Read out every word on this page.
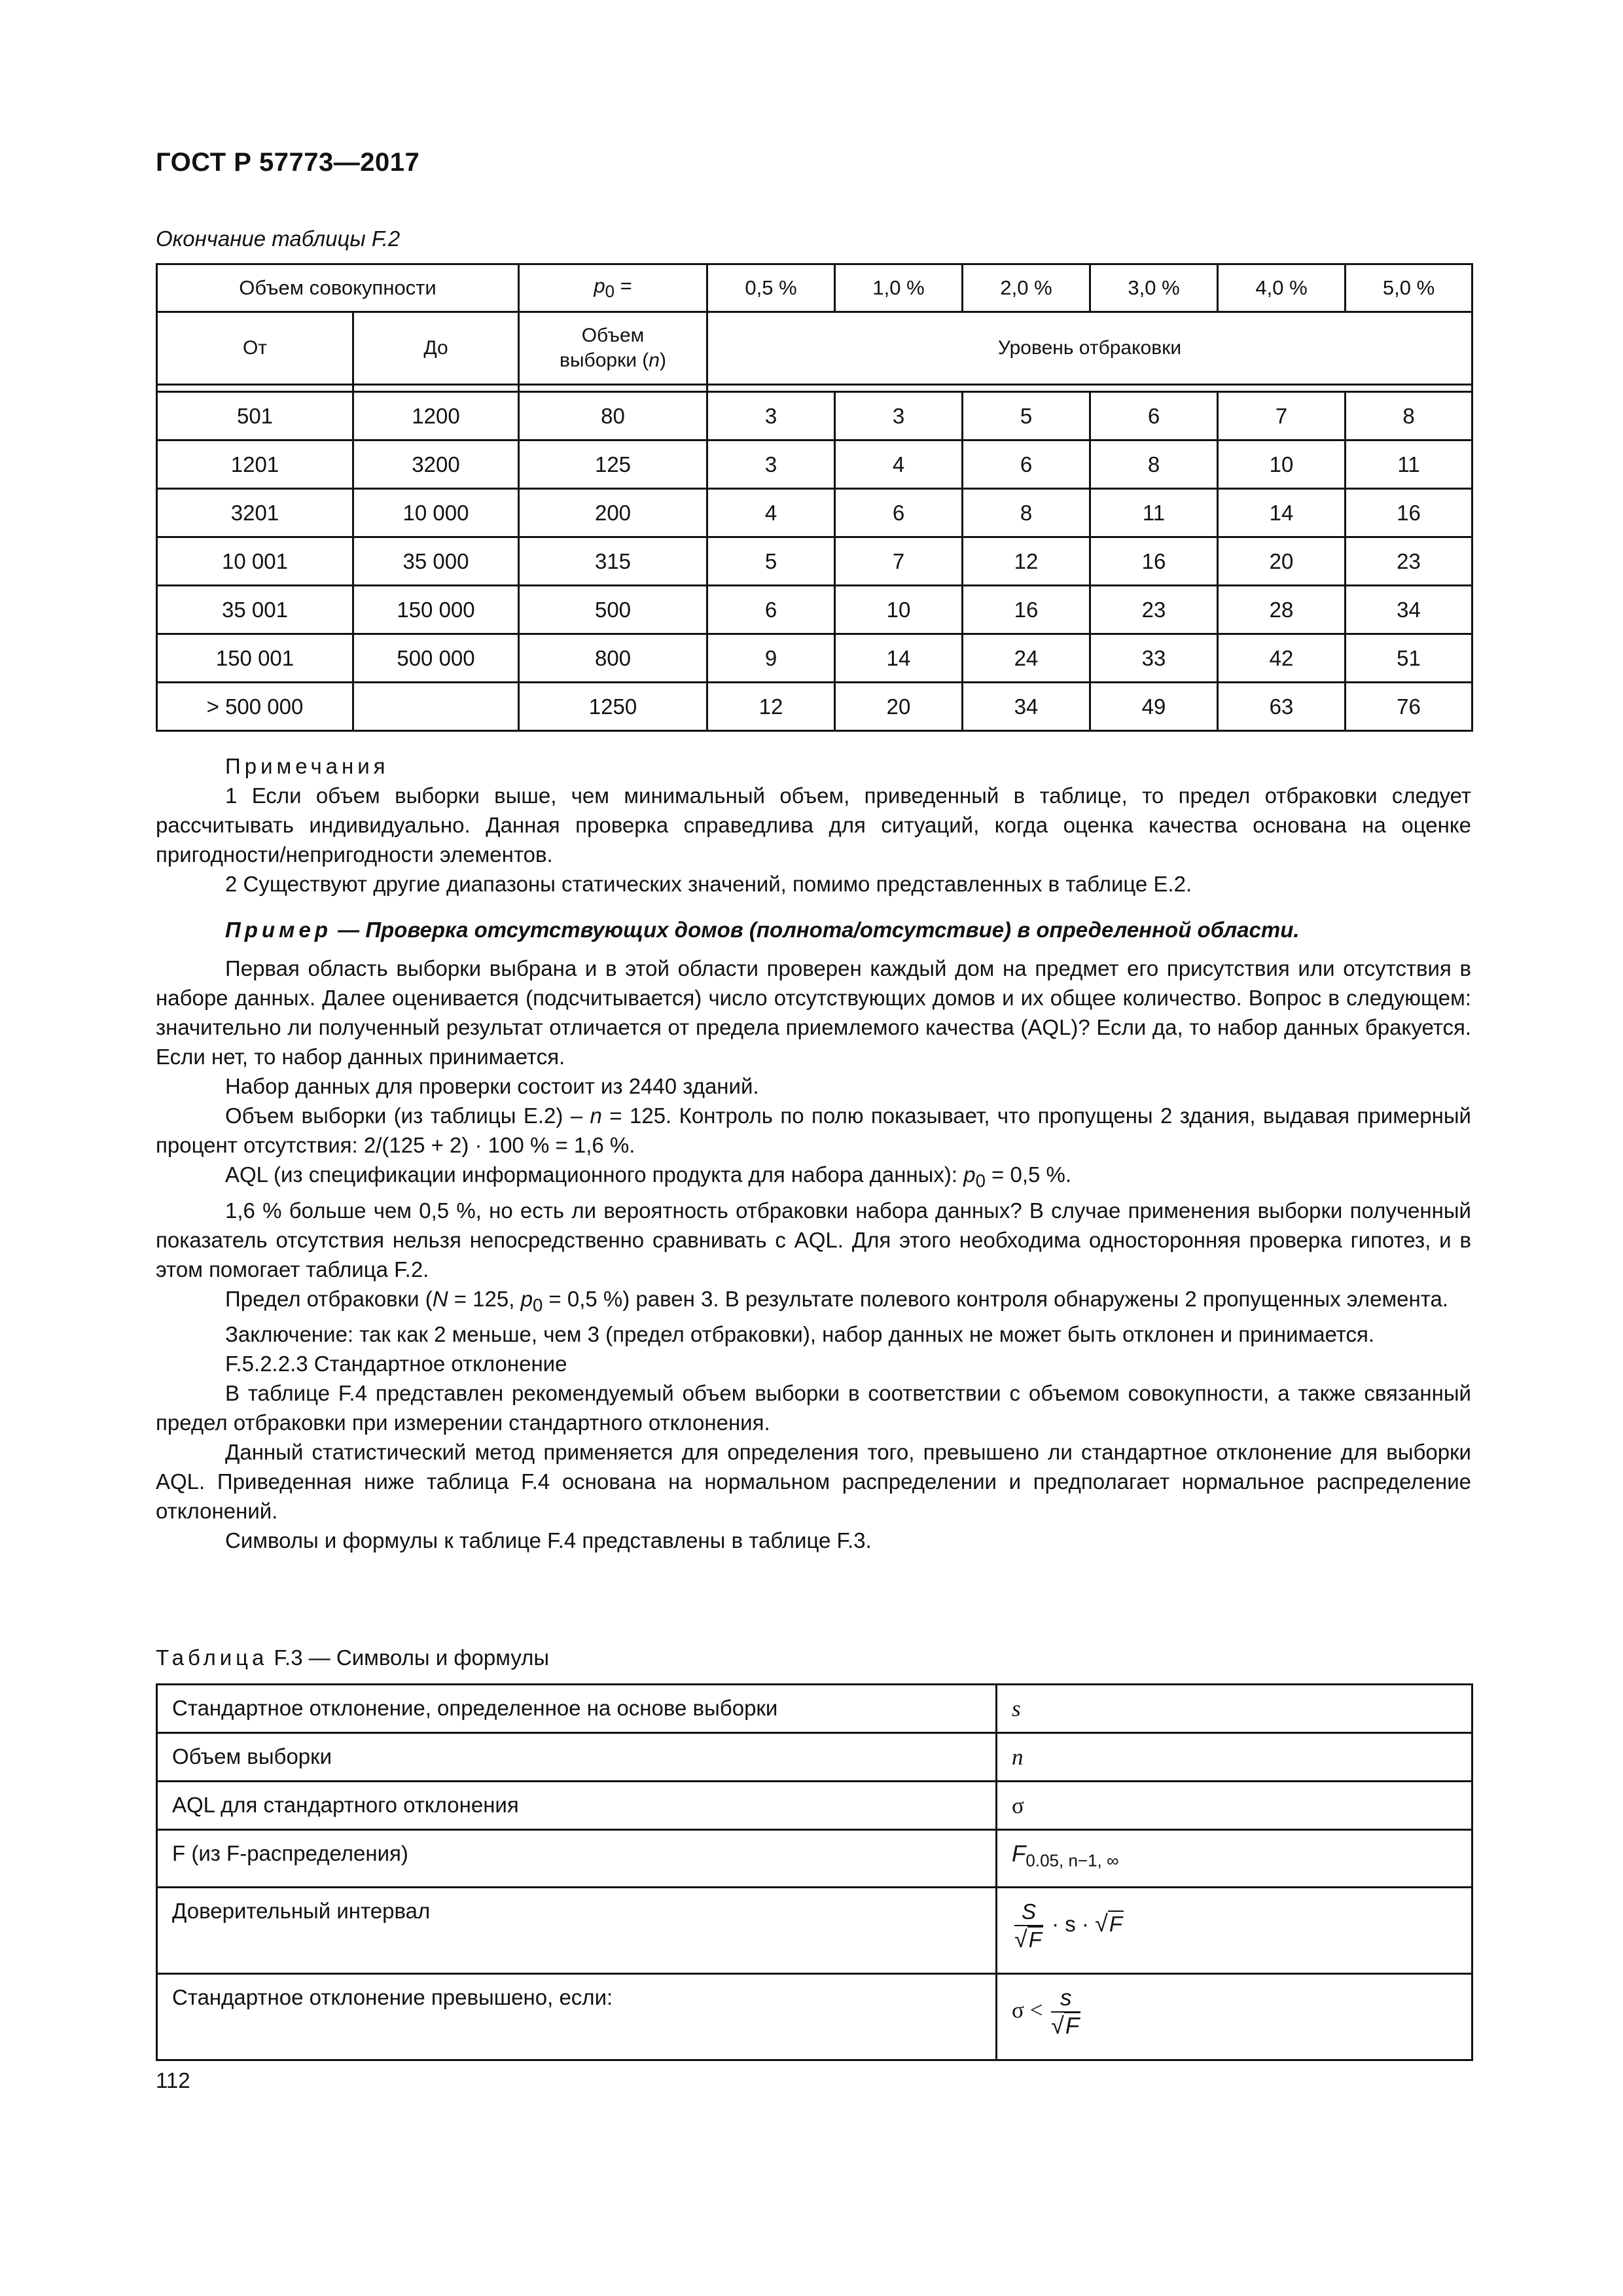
ГОСТ Р 57773—2017
Окончание таблицы F.2
Объем совокупности		$p_0$ =	0,5 %	1,0 %	2,0 %	3,0 %	4,0 %	5,0 %
От	До	Объем
выборки (n)	Уровень отбраковки					

501	1200	80	3	3	5	6	7	8
1201	3200	125	3	4	6	8	10	11
3201	10 000	200	4	6	8	11	14	16
10 001	35 000	315	5	7	12	16	20	23
35 001	150 000	500	6	10	16	23	28	34
150 001	500 000	800	9	14	24	33	42	51
> 500 000		1250	12	20	34	49	63	76

Примечания

1 Если объем выборки выше, чем минимальный объем, приведенный в таблице, то предел отбраковки следует рассчитывать индивидуально. Данная проверка справедлива для ситуаций, когда оценка качества основана на оценке пригодности/непригодности элементов.

2 Существуют другие диапазоны статических значений, помимо представленных в таблице Е.2.

Пример — Проверка отсутствующих домов (полнота/отсутствие) в определенной области.

Первая область выборки выбрана и в этой области проверен каждый дом на предмет его присутствия или отсутствия в наборе данных. Далее оценивается (подсчитывается) число отсутствующих домов и их общее количество. Вопрос в следующем: значительно ли полученный результат отличается от предела приемлемого качества (AQL)? Если да, то набор данных бракуется. Если нет, то набор данных принимается.

Набор данных для проверки состоит из 2440 зданий.

Объем выборки (из таблицы Е.2) – n = 125. Контроль по полю показывает, что пропущены 2 здания, выдавая примерный процент отсутствия: 2/(125 + 2) · 100 % = 1,6 %.

AQL (из спецификации информационного продукта для набора данных): $p_0 = 0,5$ %.

1,6 % больше чем 0,5 %, но есть ли вероятность отбраковки набора данных? В случае применения выборки полученный показатель отсутствия нельзя непосредственно сравнивать с AQL. Для этого необходима односторонняя проверка гипотез, и в этом помогает таблица F.2.

Предел отбраковки (N = 125, $p_0 = 0,5$ %) равен 3. В результате полевого контроля обнаружены 2 пропущенных элемента.

Заключение: так как 2 меньше, чем 3 (предел отбраковки), набор данных не может быть отклонен и принимается.

F.5.2.2.3 Стандартное отклонение

В таблице F.4 представлен рекомендуемый объем выборки в соответствии с объемом совокупности, а также связанный предел отбраковки при измерении стандартного отклонения.

Данный статистический метод применяется для определения того, превышено ли стандартное отклонение для выборки AQL. Приведенная ниже таблица F.4 основана на нормальном распределении и предполагает нормальное распределение отклонений.

Символы и формулы к таблице F.4 представлены в таблице F.3.

Таблица F.3 — Символы и формулы
Стандартное отклонение, определенное на основе выборки	s
Объем выборки	n
AQL для стандартного отклонения	σ
F (из F-распределения)	$F_{0.05, n-1, \infty}$
Доверительный интервал	$\frac{S}{√F} \cdot s \cdot √F$
Стандартное отклонение превышено, если:	$\sigma < \frac{s}{√F}$
112
